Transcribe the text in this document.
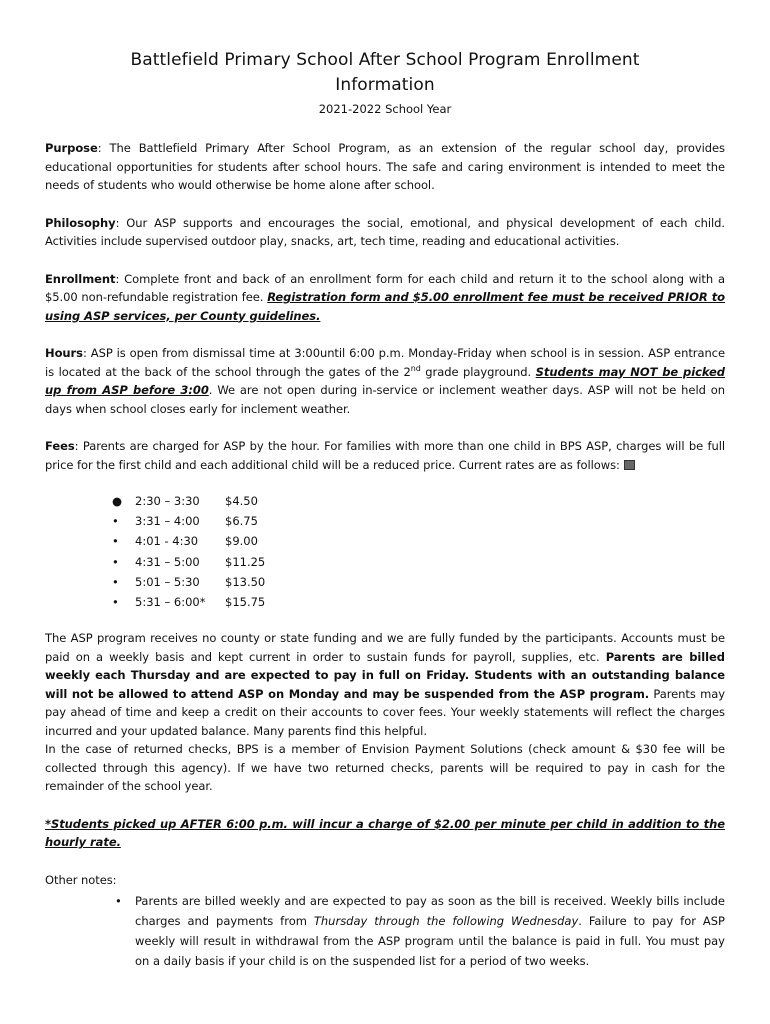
Battlefield Primary School After School Program Enrollment
Information
2021-2022 School Year

Purpose: The Battlefield Primary After School Program, as an extension of the regular school day, provides educational opportunities for students after school hours. The safe and caring environment is intended to meet the needs of students who would otherwise be home alone after school.

Philosophy: Our ASP supports and encourages the social, emotional, and physical development of each child. Activities include supervised outdoor play, snacks, art, tech time, reading and educational activities.

Enrollment: Complete front and back of an enrollment form for each child and return it to the school along with a $5.00 non-refundable registration fee. Registration form and $5.00 enrollment fee must be received PRIOR to using ASP services, per County guidelines.

Hours: ASP is open from dismissal time at 3:00until 6:00 p.m. Monday-Friday when school is in session. ASP entrance is located at the back of the school through the gates of the 2nd grade playground. Students may NOT be picked up from ASP before 3:00. We are not open during in-service or inclement weather days. ASP will not be held on days when school closes early for inclement weather.

Fees: Parents are charged for ASP by the hour. For families with more than one child in BPS ASP, charges will be full price for the first child and each additional child will be a reduced price. Current rates are as follows:

●	2:30 – 3:30	$4.50
•	3:31 – 4:00	$6.75
•	4:01 - 4:30	$9.00
•	4:31 – 5:00	$11.25
•	5:01 – 5:30	$13.50
•	5:31 – 6:00*	$15.75

The ASP program receives no county or state funding and we are fully funded by the participants. Accounts must be paid on a weekly basis and kept current in order to sustain funds for payroll, supplies, etc. Parents are billed weekly each Thursday and are expected to pay in full on Friday. Students with an outstanding balance will not be allowed to attend ASP on Monday and may be suspended from the ASP program. Parents may pay ahead of time and keep a credit on their accounts to cover fees. Your weekly statements will reflect the charges incurred and your updated balance. Many parents find this helpful.

In the case of returned checks, BPS is a member of Envision Payment Solutions (check amount & $30 fee will be collected through this agency). If we have two returned checks, parents will be required to pay in cash for the remainder of the school year.

*Students picked up AFTER 6:00 p.m. will incur a charge of $2.00 per minute per child in addition to the hourly rate.

Other notes:

•	Parents are billed weekly and are expected to pay as soon as the bill is received. Weekly bills include charges and payments from Thursday through the following Wednesday. Failure to pay for ASP weekly will result in withdrawal from the ASP program until the balance is paid in full. You must pay on a daily basis if your child is on the suspended list for a period of two weeks.
